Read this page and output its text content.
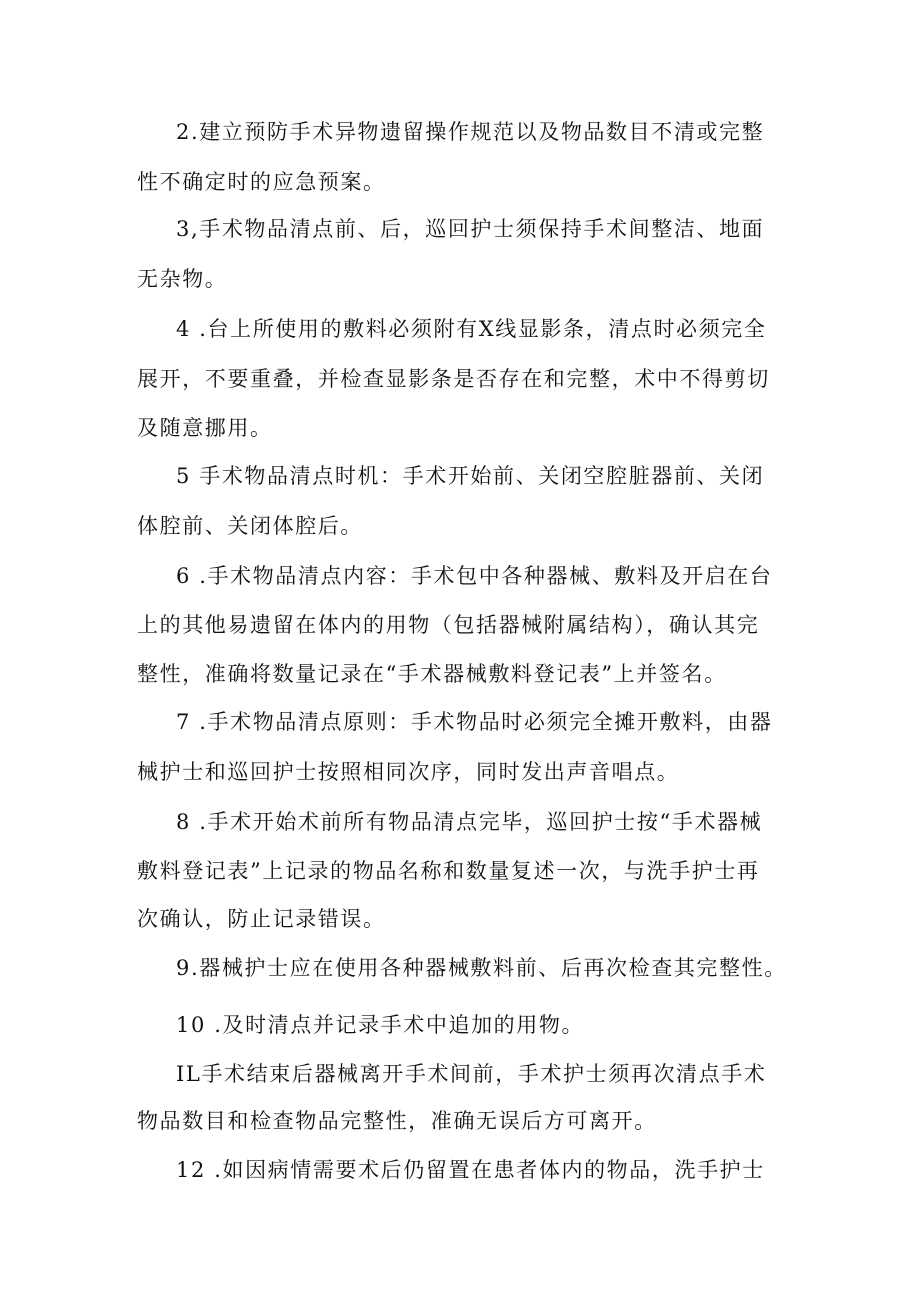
2.建立预防手术异物遗留操作规范以及物品数目不清或完整
性不确定时的应急预案。
3,手术物品清点前、后，巡回护士须保持手术间整洁、地面
无杂物。
4 .台上所使用的敷料必须附有X线显影条，清点时必须完全
展开，不要重叠，并检查显影条是否存在和完整，术中不得剪切
及随意挪用。
5 手术物品清点时机：手术开始前、关闭空腔脏器前、关闭
体腔前、关闭体腔后。
6 .手术物品清点内容：手术包中各种器械、敷料及开启在台
上的其他易遗留在体内的用物（包括器械附属结构），确认其完
整性，准确将数量记录在“手术器械敷料登记表”上并签名。
7 .手术物品清点原则：手术物品时必须完全摊开敷料，由器
械护士和巡回护士按照相同次序，同时发出声音唱点。
8 .手术开始术前所有物品清点完毕，巡回护士按“手术器械
敷料登记表”上记录的物品名称和数量复述一次，与洗手护士再
次确认，防止记录错误。
9.器械护士应在使用各种器械敷料前、后再次检查其完整性。
10 .及时清点并记录手术中追加的用物。
IL手术结束后器械离开手术间前，手术护士须再次清点手术
物品数目和检查物品完整性，准确无误后方可离开。
12 .如因病情需要术后仍留置在患者体内的物品，洗手护士
